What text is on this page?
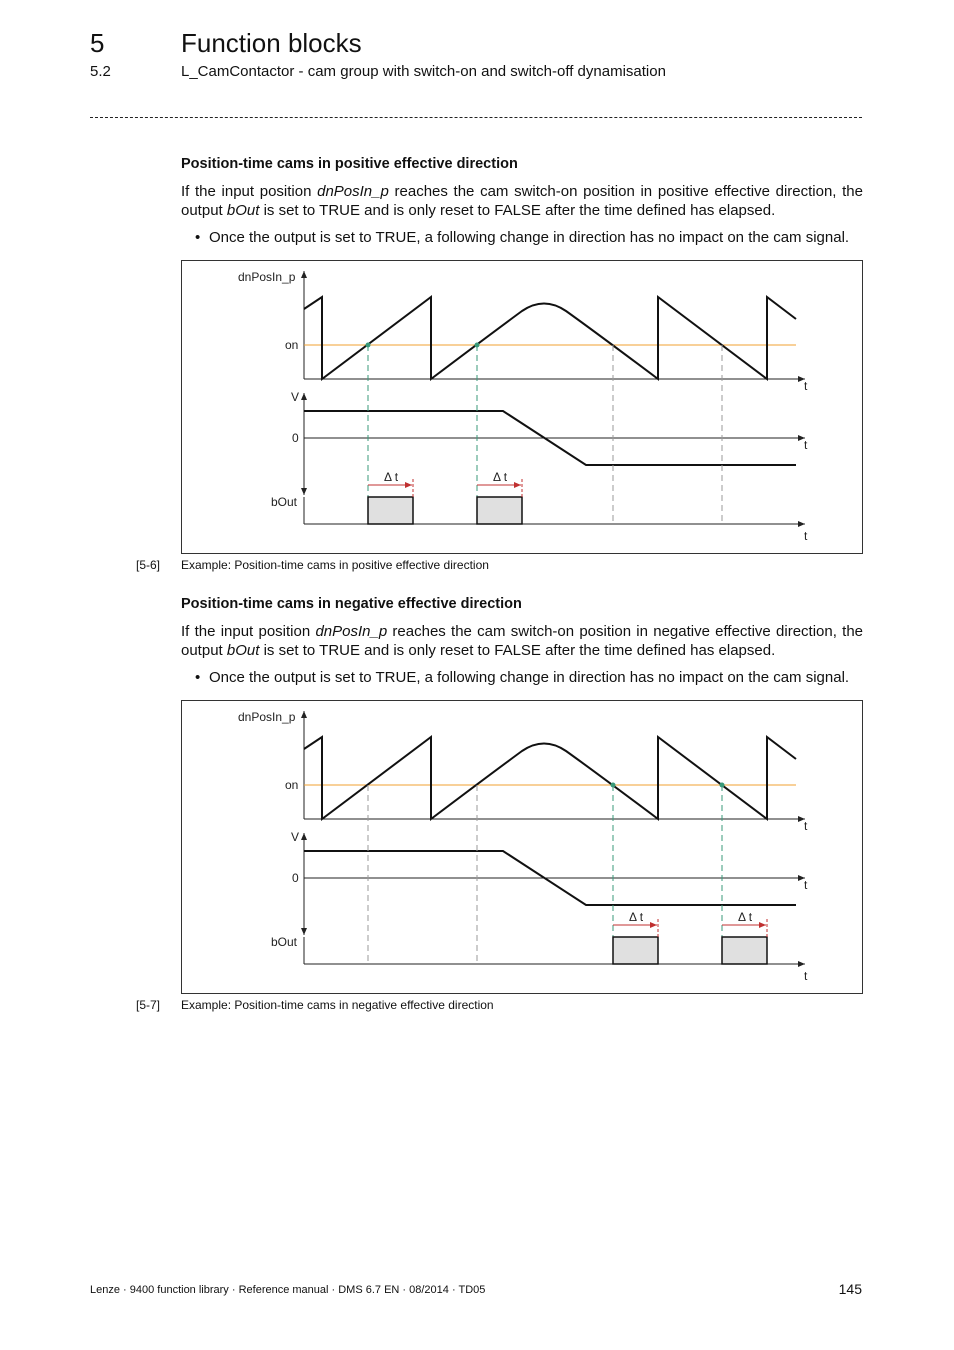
5	Function blocks
5.2	L_CamContactor - cam group with switch-on and switch-off dynamisation
Position-time cams in positive effective direction
If the input position dnPosIn_p reaches the cam switch-on position in positive effective direction, the output bOut is set to TRUE and is only reset to FALSE after the time defined has elapsed.
• Once the output is set to TRUE, a following change in direction has no impact on the cam signal.
dnPosIn_p
on
V
0
bOut
t
t
t
Δ t	Δ t
[5-6] Example: Position-time cams in positive effective direction
Position-time cams in negative effective direction
If the input position dnPosIn_p reaches the cam switch-on position in negative effective direction, the output bOut is set to TRUE and is only reset to FALSE after the time defined has elapsed.
• Once the output is set to TRUE, a following change in direction has no impact on the cam signal.
dnPosIn_p
on
V
0
bOut
t
t
t
Δ t	Δ t
[5-7] Example: Position-time cams in negative effective direction
Lenze · 9400 function library · Reference manual · DMS 6.7 EN · 08/2014 · TD05	145
